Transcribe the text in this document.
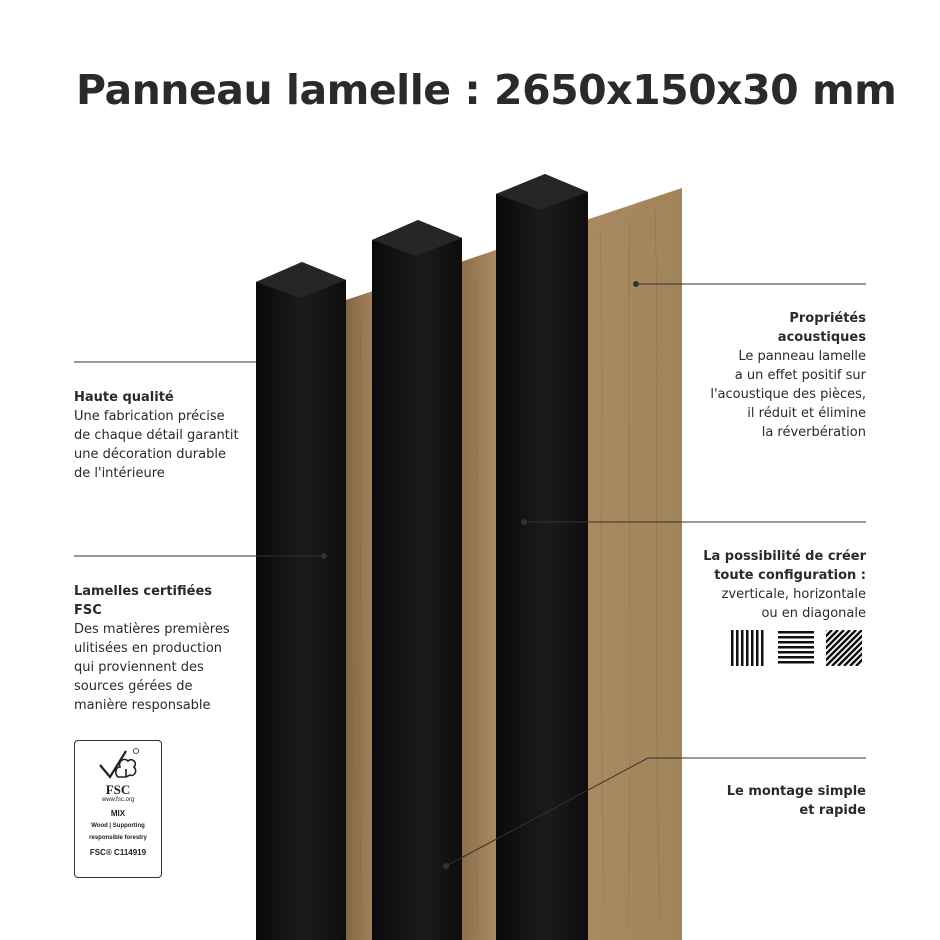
Panneau lamelle : 2650x150x30 mm
Haute qualité
Une fabrication précise
de chaque détail garantit
une décoration durable
de l'intérieure
Lamelles certifiées
FSC
Des matières premières
ulitisées en production
qui proviennent des
sources gérées de
manière responsable
Propriétés
acoustiques
Le panneau lamelle
a un effet positif sur
l'acoustique des pièces,
il réduit et élimine
la réverbération
La possibilité de créer
toute configuration :
zverticale, horizontale
ou en diagonale
Le montage simple
et rapide
FSC
www.fsc.org
MIX
Wood | Supporting
responsible forestry
FSC® C114919
